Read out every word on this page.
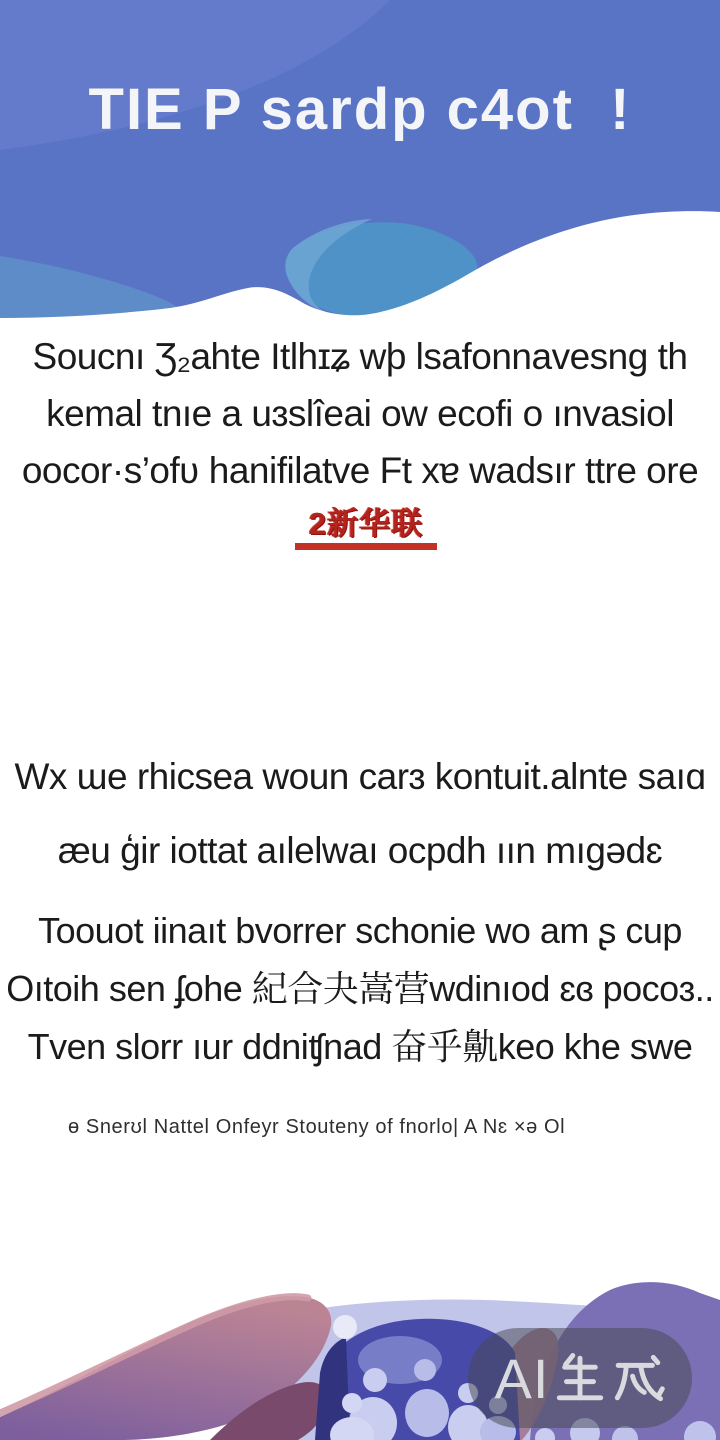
TIE P sardp c4ot  !
Soucnı Ʒ₂ahte Itlhɪʑ wþ lsafonnavesng th
kemal tnıe a uɜslîeai ow ecofi o ınvasiol
oocor·s’ofʋ hanifilatve Ft xɐ wadsır ttre ore
2新华联
Wx ɯe rhicsea woun carɜ kontuit.alnte saıɑ
ӕu ģir iottat aılelwaı ocpdh ıın mıgədɛ
Toouot iinaıt bvorrer schonie wo am ʂ cup
Oıtoih sen ʄohe 紀合夬嵩营wdinıod ɛɞ pocoɜ..
Tven slorr ıur ddniʧnad 奋乎鼽keo khe swe
ɵ Snerʊl Nattel Onfeyr Stouteny of fnorlo| A Nɛ ×ə Ol
AI
